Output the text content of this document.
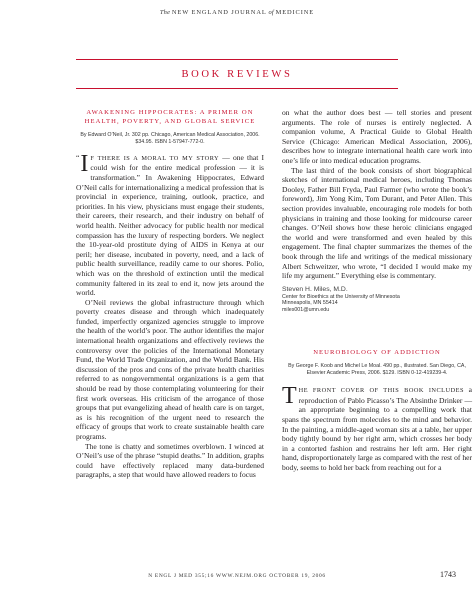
The NEW ENGLAND JOURNAL of MEDICINE
BOOK REVIEWS
AWAKENING HIPPOCRATES: A PRIMER ON HEALTH, POVERTY, AND GLOBAL SERVICE
By Edward O’Neil, Jr. 302 pp. Chicago, American Medical Association, 2006. $34.95. ISBN 1-57947-772-0.

“ I F THERE IS A MORAL TO MY STORY — one that I could wish for the entire medical profession — it is transformation.” In Awakening Hippocrates, Edward O’Neil calls for internationalizing a medical profession that is provincial in experience, training, outlook, practice, and priorities. In his view, physicians must engage their students, their careers, their research, and their industry on behalf of world health. Neither advocacy for public health nor medical compassion has the luxury of respecting borders. We neglect the 10-year-old prostitute dying of AIDS in Kenya at our peril; her disease, incubated in poverty, need, and a lack of public health surveillance, readily came to our shores. Polio, which was on the threshold of extinction until the medical community faltered in its zeal to end it, now jets around the world.

O’Neil reviews the global infrastructure through which poverty creates disease and through which inadequately funded, imperfectly organized agencies struggle to improve the health of the world’s poor. The author identifies the major international health organizations and effectively reviews the controversy over the policies of the International Monetary Fund, the World Trade Organization, and the World Bank. His discussion of the pros and cons of the private health charities referred to as nongovernmental organizations is a gem that should be read by those contemplating volunteering for their first work overseas. His criticism of the arrogance of those groups that put evangelizing ahead of health care is on target, as is his recognition of the urgent need to research the efficacy of groups that work to create sustainable health care programs.

The tone is chatty and sometimes overblown. I winced at O’Neil’s use of the phrase “stupid deaths.” In addition, graphs could have effectively replaced many data-burdened paragraphs, a step that would have allowed readers to focus

on what the author does best — tell stories and present arguments. The role of nurses is entirely neglected. A companion volume, A Practical Guide to Global Health Service (Chicago: American Medical Association, 2006), describes how to integrate international health care work into one’s life or into medical education programs.

The last third of the book consists of short biographical sketches of international medical heroes, including Thomas Dooley, Father Bill Fryda, Paul Farmer (who wrote the book’s foreword), Jim Yong Kim, Tom Durant, and Peter Allen. This section provides invaluable, encouraging role models for both physicians in training and those looking for midcourse career changes. O’Neil shows how these heroic clinicians engaged the world and were transformed and even healed by this engagement. The final chapter summarizes the themes of the book through the life and writings of the medical missionary Albert Schweitzer, who wrote, “I decided I would make my life my argument.” Everything else is commentary.

Steven H. Miles, M.D.

Center for Bioethics at the University of Minnesota

Minneapolis, MN 55414

miles001@umn.edu

NEUROBIOLOGY OF ADDICTION
By George F. Koob and Michel Le Moal. 490 pp., illustrated. San Diego, CA, Elsevier Academic Press, 2006. $129. ISBN 0-12-419239-4.

THE FRONT COVER OF THIS BOOK INCLUDES a reproduction of Pablo Picasso’s The Absinthe Drinker — an appropriate beginning to a compelling work that spans the spectrum from molecules to the mind and behavior. In the painting, a middle-aged woman sits at a table, her upper body tightly bound by her right arm, which crosses her body in a contorted fashion and restrains her left arm. Her right hand, disproportionately large as compared with the rest of her body, seems to hold her back from reaching out for a

N ENGL J MED 355;16 WWW.NEJM.ORG OCTOBER 19, 2006	1743
